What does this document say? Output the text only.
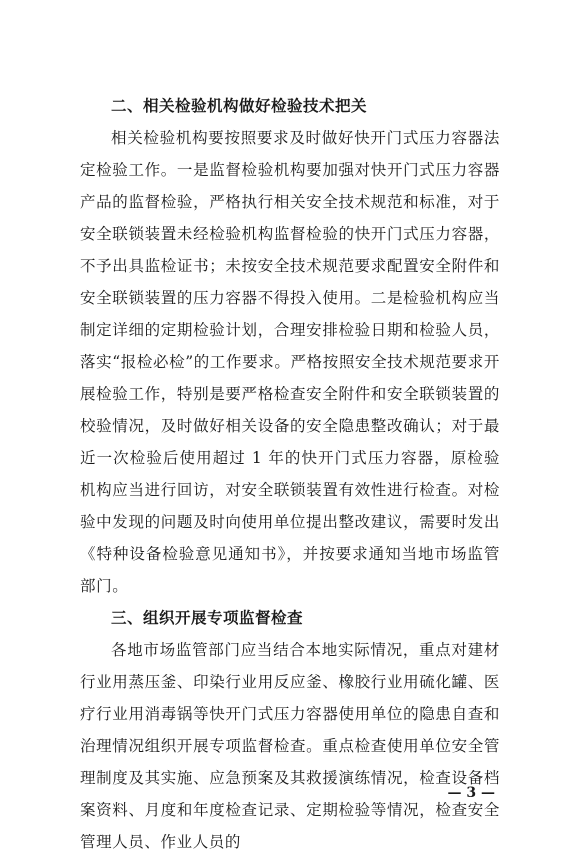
二、相关检验机构做好检验技术把关

相关检验机构要按照要求及时做好快开门式压力容器法定检验工作。一是监督检验机构要加强对快开门式压力容器产品的监督检验，严格执行相关安全技术规范和标准，对于安全联锁装置未经检验机构监督检验的快开门式压力容器，不予出具监检证书；未按安全技术规范要求配置安全附件和安全联锁装置的压力容器不得投入使用。二是检验机构应当制定详细的定期检验计划，合理安排检验日期和检验人员，落实“报检必检”的工作要求。严格按照安全技术规范要求开展检验工作，特别是要严格检查安全附件和安全联锁装置的校验情况，及时做好相关设备的安全隐患整改确认；对于最近一次检验后使用超过 1 年的快开门式压力容器，原检验机构应当进行回访，对安全联锁装置有效性进行检查。对检验中发现的问题及时向使用单位提出整改建议，需要时发出《特种设备检验意见通知书》，并按要求通知当地市场监管部门。

三、组织开展专项监督检查

各地市场监管部门应当结合本地实际情况，重点对建材行业用蒸压釜、印染行业用反应釜、橡胶行业用硫化罐、医疗行业用消毒锅等快开门式压力容器使用单位的隐患自查和治理情况组织开展专项监督检查。重点检查使用单位安全管理制度及其实施、应急预案及其救援演练情况，检查设备档案资料、月度和年度检查记录、定期检验等情况，检查安全管理人员、作业人员的

— 3 —
